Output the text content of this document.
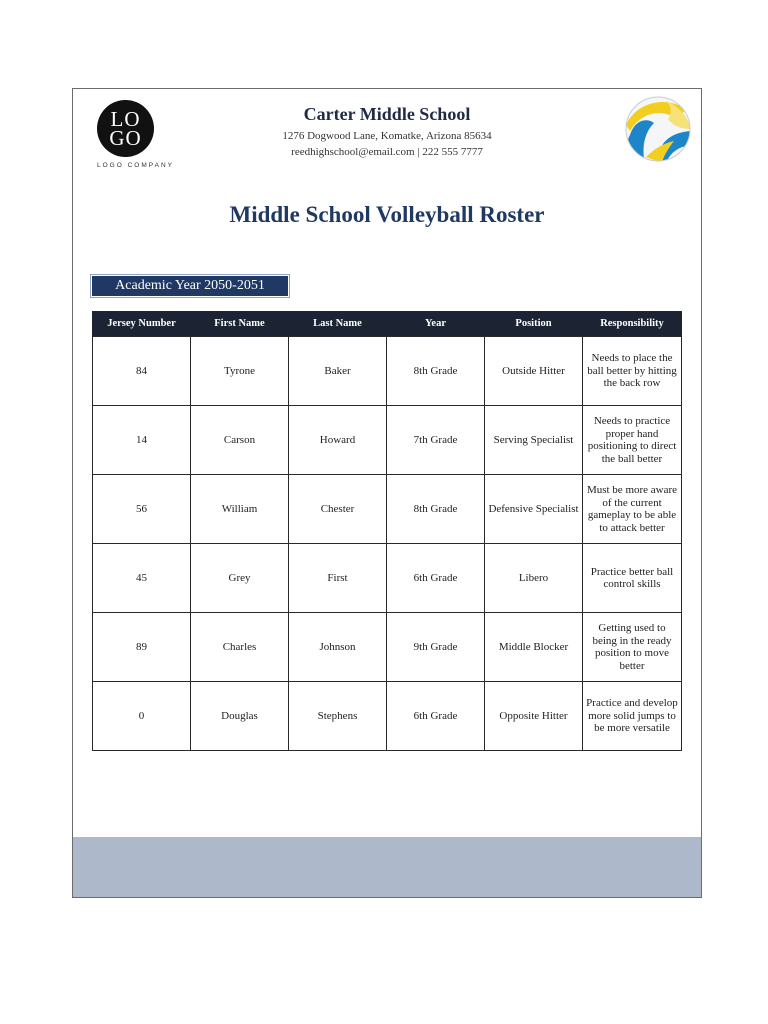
LO
GO
LOGO COMPANY
Carter Middle School
1276 Dogwood Lane, Komatke, Arizona 85634
reedhighschool@email.com | 222 555 7777
Middle School Volleyball Roster
Academic Year 2050-2051
Jersey Number	First Name	Last Name	Year	Position	Responsibility
84	Tyrone	Baker	8th Grade	Outside Hitter	Needs to place the ball better by hitting the back row
14	Carson	Howard	7th Grade	Serving Specialist	Needs to practice proper hand positioning to direct the ball better
56	William	Chester	8th Grade	Defensive Specialist	Must be more aware of the current gameplay to be able to attack better
45	Grey	First	6th Grade	Libero	Practice better ball control skills
89	Charles	Johnson	9th Grade	Middle Blocker	Getting used to being in the ready position to move better
0	Douglas	Stephens	6th Grade	Opposite Hitter	Practice and develop more solid jumps to be more versatile
